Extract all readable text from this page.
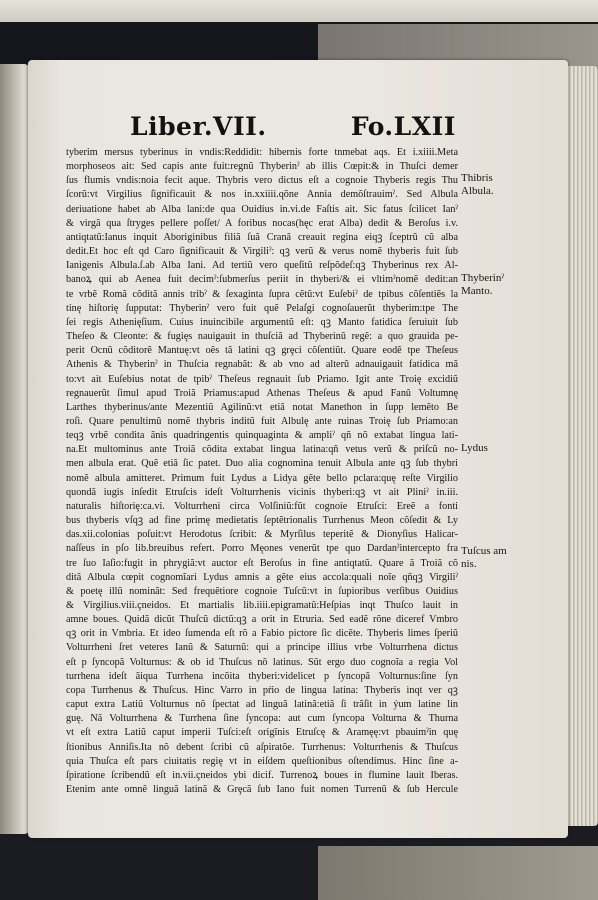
Liber.VII.	Fo.LXII
tyberim mersus tyberinus in vndis:Reddidit: hibernis forte tnmebat aqs. Et i.xiiii.Meta
morphoseos ait: Sed capis ante fuit:regnũ Thyberinˀ ab illis Cœpit:& in Thuſci demer
ſus flumis vndis:noia fecit aque. Thybris vero dictus eſt a cognoie Thyberis regis Thu
ſcorũ:vt Virgilius ſignificauit & nos in.xxiiii.qõne Annia demõſtrauimˀ. Sed Albula
deriuatione habet ab Alba lani:de qua Ouidius in.vi.de Faſtis ait. Sic fatus ſcilicet Ianˀ
& virgã qua ſtryges pellere poſſet/ A foribus nocas(hęc erat Alba) dedit & Beroſus i.v.
antiqtatũ:Ianus inquit Aboriginibus filiã ſuã Cranã creauit regina eiqꝫ ſceptrũ cũ alba
dedit.Et hoc eſt qd Caro ſignificauit & Virgiliˀ: qꝫ verũ & verus nomẽ thyberis fuit ſub
Ianigenis Albula.ſ.ab Alba Iani. Ad tertiũ vero queſitũ reſpõdeſ:qꝫ Thyberinus rex Al-
banoꝝ qui ab Aenea fuit decimˀ:ſubmerſus periit in thyberi/& ei vltimˀnomẽ dedit:an
te vrbẽ Romã cõditã annis tribˀ & ſexaginta ſupra cẽtũ:vt Euſebiˀ de tpibus cõſentiẽs la
tinę hiſtorię ſupputat: Thyberinˀ vero fuit quẽ Pelaſgi cognoſauerũt thyberim:tpe The
ſei regis Athenięſium. Cuius inuincibile argumentũ eſt: qꝫ Manto fatidica ſeruiuit ſub
Theſeo & Cleonte: & fugięs nauigauit in thuſciã ad Thyberinũ regẽ: a quo grauida pe-
perit Ocnũ cõditorẽ Mantuę:vt oẽs tã latini qꝫ grȩci cõſentiũt. Quare eodẽ tpe Theſeus
Athenis & Thyberinˀ in Thuſcia regnabãt: & ab vno ad alterũ adnauigauit fatidica mã
to:vt ait Euſebius notat de tpibˀ Theſeus regnauit ſub Priamo. Igit ante Troię excidiũ
regnauerũt ſimul apud Troiã Priamus:apud Athenas Theſeus & apud Fanũ Voltumnę
Larthes thyberinus/ante Mezentiũ Agilinũ:vt etiã notat Manethon in ſupp lemẽto Be
roſi. Quare penultimũ nomẽ thybris inditũ fuit Albulę ante ruinas Troię ſub Priamo:an
teqꝫ vrbẽ condita ãnis quadringentis quinquaginta & ampliˀ qñ nõ extabat lingua lati-
na.Et multominus ante Troiã cõdita extabat lingua latina:qñ vetus verũ & priſcũ no-
men albula erat. Quẽ etiã ſic patet. Duo alia cognomina tenuit Albula ante qꝫ ſub thybri
nomẽ albula amitteret. Primum fuit Lydus a Lidya gẽte bello pclara:quę reſte Virgilio
quondã iugis inſedit Etruſcis ideſt Volturrhenis vicinis thyberi:qꝫ vt ait Pliniˀ in.iii.
naturalis hiſtoriȩ:ca.vi. Volturrheni circa Volſiniũ:fũt cognoie Etruſci: Ereẽ a fonti
bus thyberis vſqꝫ ad fine primę medietatis ſeptẽtrionalis Turrhenus Meon cõſedit & Ly
das.xii.colonias poſuit:vt Herodotus ſcribit: & Myrſilus teperitẽ & Dionyſius Halicar-
naſſeus in pſo lib.breuibus refert. Porro Męones venerũt tpe quo Dardanˀintercepto fra
tre ſuo Iaſio:fugit in phrygiã:vt auctor eſt Beroſus in fine antiqtatũ. Quare ã Troiã cõ
ditã Albula cœpit cognomĩari Lydus amnis a gẽte eius accola:quali noĩe qñqꝫ Virgiliˀ
& poetę illũ nominãt: Sed frequẽtiore cognoie Tuſcũ:vt in ſupioribus verſibus Ouidius
& Virgilius.viii.çneidos. Et martialis lib.iiii.epigramatũ:Heſpias inqt Thuſco lauit in
amne boues. Quidã dicũt Thuſcũ dictũ:qꝫ a orit in Etruria. Sed eadẽ rõne diceref Vmbro
qꝫ orit in Vmbria. Et ideo ſumenda eſt rõ a Fabio pictore ſic dicẽte. Thyberis limes ſperiũ
Volturrheni ſret veteres Ianũ & Saturnũ: qui a principe illius vrbe Volturrhena dictus
eſt p ſyncopã Volturnus: & ob id Thuſcus nõ latinus. Sũt ergo duo cognoĩa a regia Vol
turrhena ideſt ãiqua Turrhena incõita thyberi:videlicet p ſyncopã Volturnus:ſine ſyn
copa Turrhenus & Thuſcus. Hinc Varro in pŕio de lingua latina: Thyberis inqt ver qꝫ
caput extra Latiũ Volturnus nõ ſpectat ad linguã latinã:etiã ſi trãſit in ẏum latine lin
guę. Nã Volturrhena & Turrhena ſine ſyncopa: aut cum ſyncopa Volturna & Thurna
vt eſt extra Latiũ caput imperii Tuſci:eſt origĩnis Etruſcę & Aramęę:vt pbauimˀin quę
ſtionibus Anniſis.Ita nõ debent ſcribi cũ aſpiratõe. Turrhenus: Volturrhenis & Thuſcus
quia Thuſca eſt pars ciuitatis regię vt in eiſdem queſtionibus oſtendimus. Hinc ſine a-
ſpiratione ſcribendũ eſt in.vii.çneidos ybi dicif. Turrenoꝝ boues in flumine lauit Iberas.
Etenim ante omnẽ linguã latinã & Grȩcã ſub Iano fuit nomen Turrenũ & ſub Hercule
Thibris Albula.
Thyberinˀ Manto.
Lydus
Tuſcus am nis.
